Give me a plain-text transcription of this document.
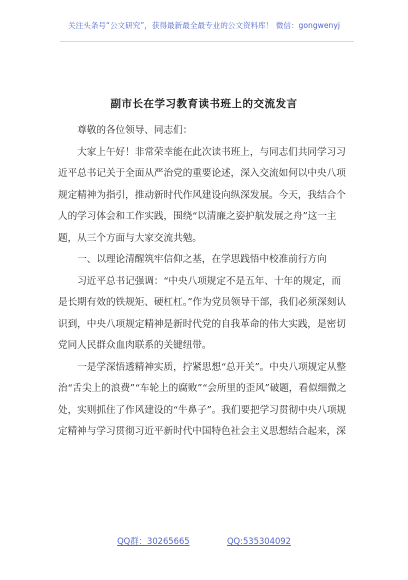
关注头条号“公文研究”，获得最新最全最专业的公文资料库！ 微信：gongwenyj
副市长在学习教育读书班上的交流发言

尊敬的各位领导、同志们：

大家上午好！非常荣幸能在此次读书班上，与同志们共同学习习近平总书记关于全面从严治党的重要论述，深入交流如何以中央八项规定精神为指引，推动新时代作风建设向纵深发展。今天，我结合个人的学习体会和工作实践，围绕“以清廉之姿护航发展之舟”这一主题，从三个方面与大家交流共勉。

一、以理论清醒筑牢信仰之基，在学思践悟中校准前行方向

习近平总书记强调：“中央八项规定不是五年、十年的规定，而是长期有效的铁规矩、硬杠杠。”作为党员领导干部，我们必须深刻认识到，中央八项规定精神是新时代党的自我革命的伟大实践，是密切党同人民群众血肉联系的关键纽带。

一是学深悟透精神实质，拧紧思想“总开关”。中央八项规定从整治“舌尖上的浪费”“车轮上的腐败”“会所里的歪风”破题，看似细微之处，实则抓住了作风建设的“牛鼻子”。我们要把学习贯彻中央八项规定精神与学习贯彻习近平新时代中国特色社会主义思想结合起来，深

QQ群：30265665	QQ:535304092
